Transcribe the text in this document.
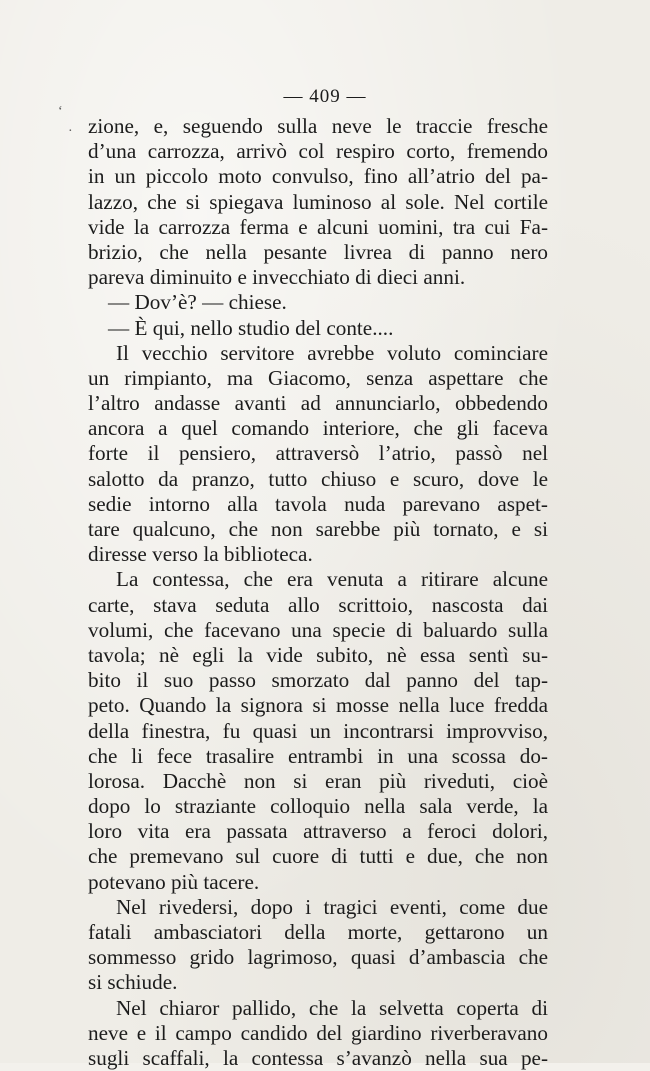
— 409 —
zione, e, seguendo sulla neve le traccie fresche
d’una carrozza, arrivò col respiro corto, fremendo
in un piccolo moto convulso, fino all’atrio del pa-
lazzo, che si spiegava luminoso al sole. Nel cortile
vide la carrozza ferma e alcuni uomini, tra cui Fa-
brizio, che nella pesante livrea di panno nero
pareva diminuito e invecchiato di dieci anni.
— Dov’è? — chiese.
— È qui, nello studio del conte....
Il vecchio servitore avrebbe voluto cominciare
un rimpianto, ma Giacomo, senza aspettare che
l’altro andasse avanti ad annunciarlo, obbedendo
ancora a quel comando interiore, che gli faceva
forte il pensiero, attraversò l’atrio, passò nel
salotto da pranzo, tutto chiuso e scuro, dove le
sedie intorno alla tavola nuda parevano aspet-
tare qualcuno, che non sarebbe più tornato, e si
diresse verso la biblioteca.
La contessa, che era venuta a ritirare alcune
carte, stava seduta allo scrittoio, nascosta dai
volumi, che facevano una specie di baluardo sulla
tavola; nè egli la vide subito, nè essa sentì su-
bito il suo passo smorzato dal panno del tap-
peto. Quando la signora si mosse nella luce fredda
della finestra, fu quasi un incontrarsi improvviso,
che li fece trasalire entrambi in una scossa do-
lorosa. Dacchè non si eran più riveduti, cioè
dopo lo straziante colloquio nella sala verde, la
loro vita era passata attraverso a feroci dolori,
che premevano sul cuore di tutti e due, che non
potevano più tacere.
Nel rivedersi, dopo i tragici eventi, come due
fatali ambasciatori della morte, gettarono un
sommesso grido lagrimoso, quasi d’ambascia che
si schiude.
Nel chiaror pallido, che la selvetta coperta di
neve e il campo candido del giardino riverberavano
sugli scaffali, la contessa s’avanzò nella sua pe-
‘
·
